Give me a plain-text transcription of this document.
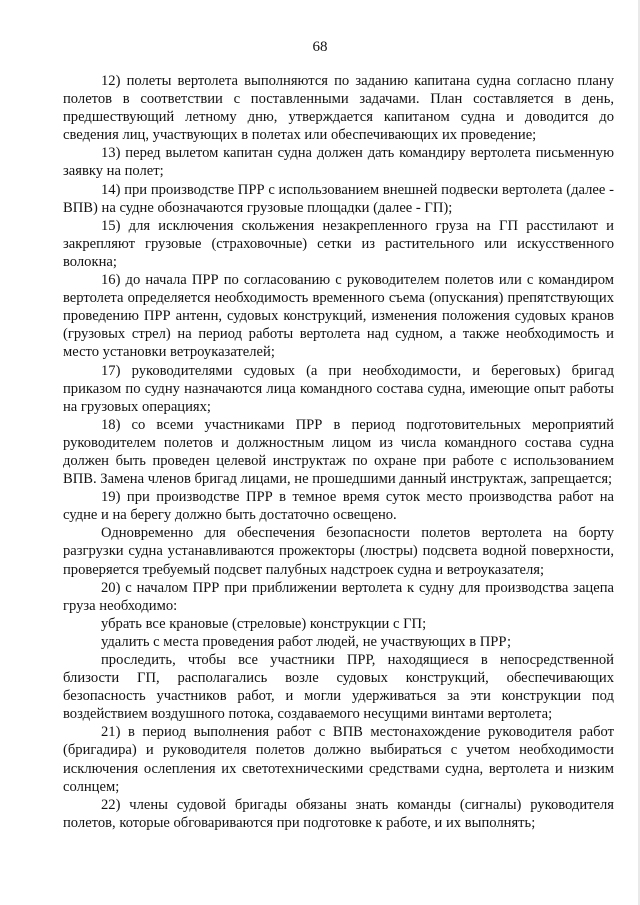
68

12) полеты вертолета выполняются по заданию капитана судна согласно плану полетов в соответствии с поставленными задачами. План составляется в день, предшествующий летному дню, утверждается капитаном судна и доводится до сведения лиц, участвующих в полетах или обеспечивающих их проведение;

13) перед вылетом капитан судна должен дать командиру вертолета письменную заявку на полет;

14) при производстве ПРР с использованием внешней подвески вертолета (далее - ВПВ) на судне обозначаются грузовые площадки (далее - ГП);

15) для исключения скольжения незакрепленного груза на ГП расстилают и закрепляют грузовые (страховочные) сетки из растительного или искусственного волокна;

16) до начала ПРР по согласованию с руководителем полетов или с командиром вертолета определяется необходимость временного съема (опускания) препятствующих проведению ПРР антенн, судовых конструкций, изменения положения судовых кранов (грузовых стрел) на период работы вертолета над судном, а также необходимость и место установки ветроуказателей;

17) руководителями судовых (а при необходимости, и береговых) бригад приказом по судну назначаются лица командного состава судна, имеющие опыт работы на грузовых операциях;

18) со всеми участниками ПРР в период подготовительных мероприятий руководителем полетов и должностным лицом из числа командного состава судна должен быть проведен целевой инструктаж по охране при работе с использованием ВПВ. Замена членов бригад лицами, не прошедшими данный инструктаж, запрещается;

19) при производстве ПРР в темное время суток место производства работ на судне и на берегу должно быть достаточно освещено.

Одновременно для обеспечения безопасности полетов вертолета на борту разгрузки судна устанавливаются прожекторы (люстры) подсвета водной поверхности, проверяется требуемый подсвет палубных надстроек судна и ветроуказателя;

20) с началом ПРР при приближении вертолета к судну для производства зацепа груза необходимо:

убрать все крановые (стреловые) конструкции с ГП;

удалить с места проведения работ людей, не участвующих в ПРР;

проследить, чтобы все участники ПРР, находящиеся в непосредственной близости ГП, располагались возле судовых конструкций, обеспечивающих безопасность участников работ, и могли удерживаться за эти конструкции под воздействием воздушного потока, создаваемого несущими винтами вертолета;

21) в период выполнения работ с ВПВ местонахождение руководителя работ (бригадира) и руководителя полетов должно выбираться с учетом необходимости исключения ослепления их светотехническими средствами судна, вертолета и низким солнцем;

22) члены судовой бригады обязаны знать команды (сигналы) руководителя полетов, которые обговариваются при подготовке к работе, и их выполнять;
